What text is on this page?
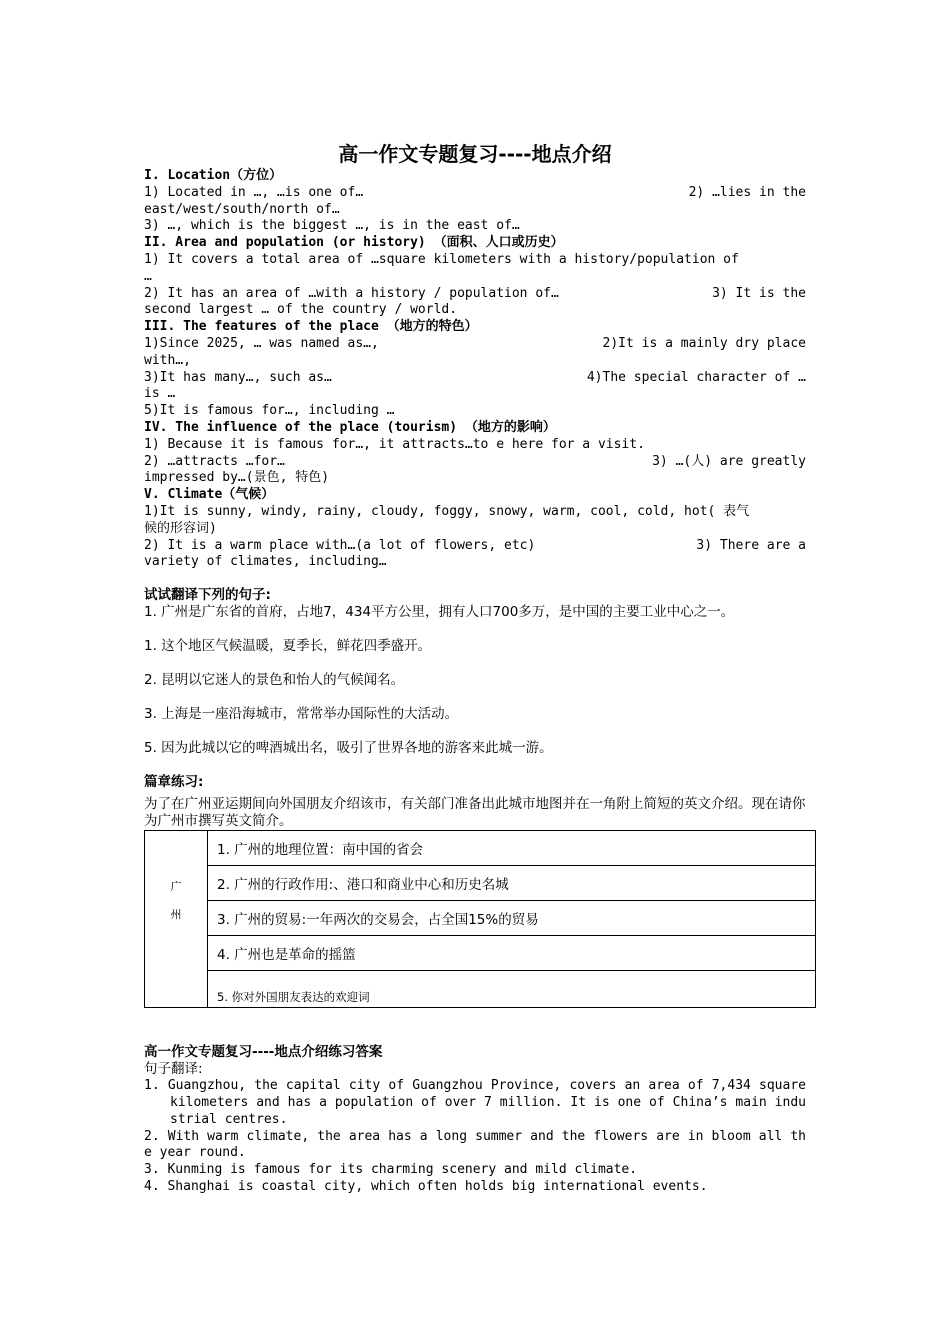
高一作文专题复习----地点介绍

I. Location（方位）

1) Located in …, …is one of…	2) …lies in the

east/west/south/north of…

3) …, which is the biggest …, is in the east of…

II. Area and population (or history) （面积、人口或历史）

1) It covers a total area of …square kilometers with a history/population of

…

2) It has an area of …with a history / population of…	3) It is the

second largest … of the country / world.

III. The features of the place （地方的特色）

1)Since 2025, … was named as…,	2)It is a mainly dry place

with…,

3)It has many…, such as…	4)The special character of …

is …

5)It is famous for…, including …

IV. The influence of the place (tourism) （地方的影响）

1) Because it is famous for…, it attracts…to e here for a visit.

2) …attracts …for…	3) …(人) are greatly

impressed by…(景色, 特色)

V. Climate（气候）

1)It is sunny, windy, rainy, cloudy, foggy, snowy, warm, cool, cold, hot( 表气

候的形容词)

2) It is a warm place with…(a lot of flowers, etc)	3) There are a

variety of climates, including…

试试翻译下列的句子:

1. 广州是广东省的首府，占地7，434平方公里，拥有人口700多万，是中国的主要工业中心之一。

1. 这个地区气候温暖，夏季长，鲜花四季盛开。

2. 昆明以它迷人的景色和怡人的气候闻名。

3. 上海是一座沿海城市，常常举办国际性的大活动。

5. 因为此城以它的啤酒城出名，吸引了世界各地的游客来此城一游。

篇章练习:

为了在广州亚运期间向外国朋友介绍该市，有关部门准备出此城市地图并在一角附上简短的英文介绍。现在请你为广州市撰写英文简介。

广
州
	1. 广州的地理位置：南中国的省会
2. 广州的行政作用:、港口和商业中心和历史名城
3. 广州的贸易:一年两次的交易会，占全国15%的贸易
4. 广州也是革命的摇篮
5. 你对外国朋友表达的欢迎词

高一作文专题复习----地点介绍练习答案

句子翻译:

1. Guangzhou, the capital city of Guangzhou Province, covers an area of 7,434 square kilometers and has a population of over 7 million. It is one of China’s main industrial centres.

2. With warm climate, the area has a long summer and the flowers are in bloom all the year round.

3. Kunming is famous for its charming scenery and mild climate.

4. Shanghai is coastal city, which often holds big international events.
